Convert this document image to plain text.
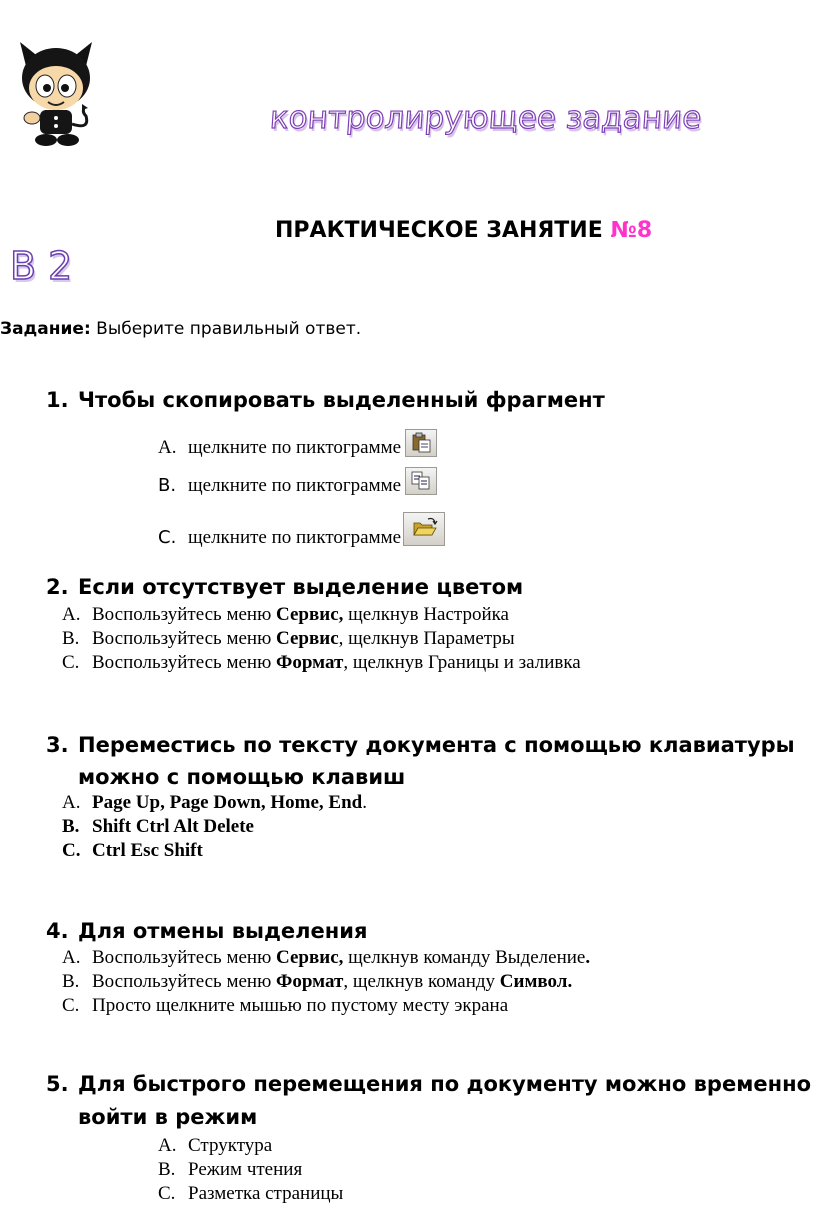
контролирующее задание
ПРАКТИЧЕСКОЕ ЗАНЯТИЕ №8
В 2
Задание: Выберите правильный ответ.
1. Чтобы скопировать выделенный фрагмент
A. щелкните по пиктограмме
B. щелкните по пиктограмме
C. щелкните по пиктограмме
2. Если отсутствует выделение цветом
A. Воспользуйтесь меню Сервис, щелкнув Настройка
B. Воспользуйтесь меню Сервис, щелкнув Параметры
C. Воспользуйтесь меню Формат, щелкнув Границы и заливка
3. Переместись по тексту документа с помощью клавиатуры
можно с помощью клавиш
A. Page Up, Page Down, Home, End.
B. Shift Ctrl Alt Delete
C. Ctrl Esc Shift
4. Для отмены выделения
A. Воспользуйтесь меню Сервис, щелкнув команду Выделение.
B. Воспользуйтесь меню Формат, щелкнув команду Символ.
C. Просто щелкните мышью по пустому месту экрана
5. Для быстрого перемещения по документу можно временно
войти в режим
A. Структура
B. Режим чтения
C. Разметка страницы
